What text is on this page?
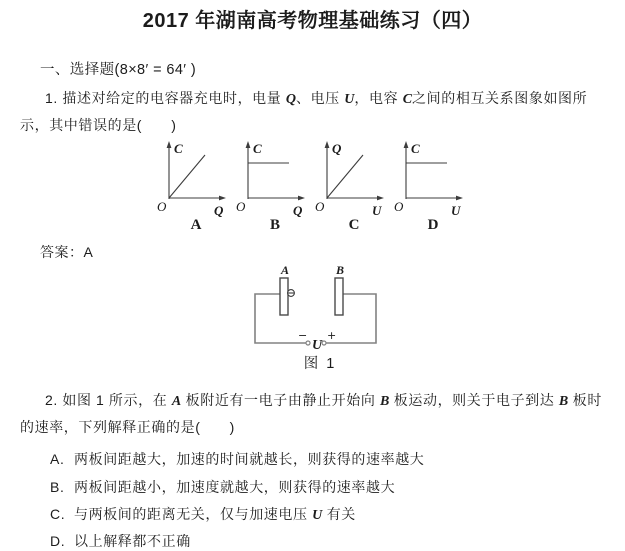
2017 年湖南高考物理基础练习（四）
一、选择题(8×8′ = 64′ )
1. 描述对给定的电容器充电时，电量 Q、电压 U，电容 C之间的相互关系图象如图所
示，其中错误的是(　　)
C
Q
O
A
C
Q
O
B
Q
U
O
C
C
U
O
D
答案：A
A	B
−
U
+
图 1
2. 如图 1 所示，在 A 板附近有一电子由静止开始向 B 板运动，则关于电子到达 B 板时
的速率，下列解释正确的是(　　)
A. 两板间距越大，加速的时间就越长，则获得的速率越大
B. 两板间距越小，加速度就越大，则获得的速率越大
C. 与两板间的距离无关，仅与加速电压 U 有关
D. 以上解释都不正确
